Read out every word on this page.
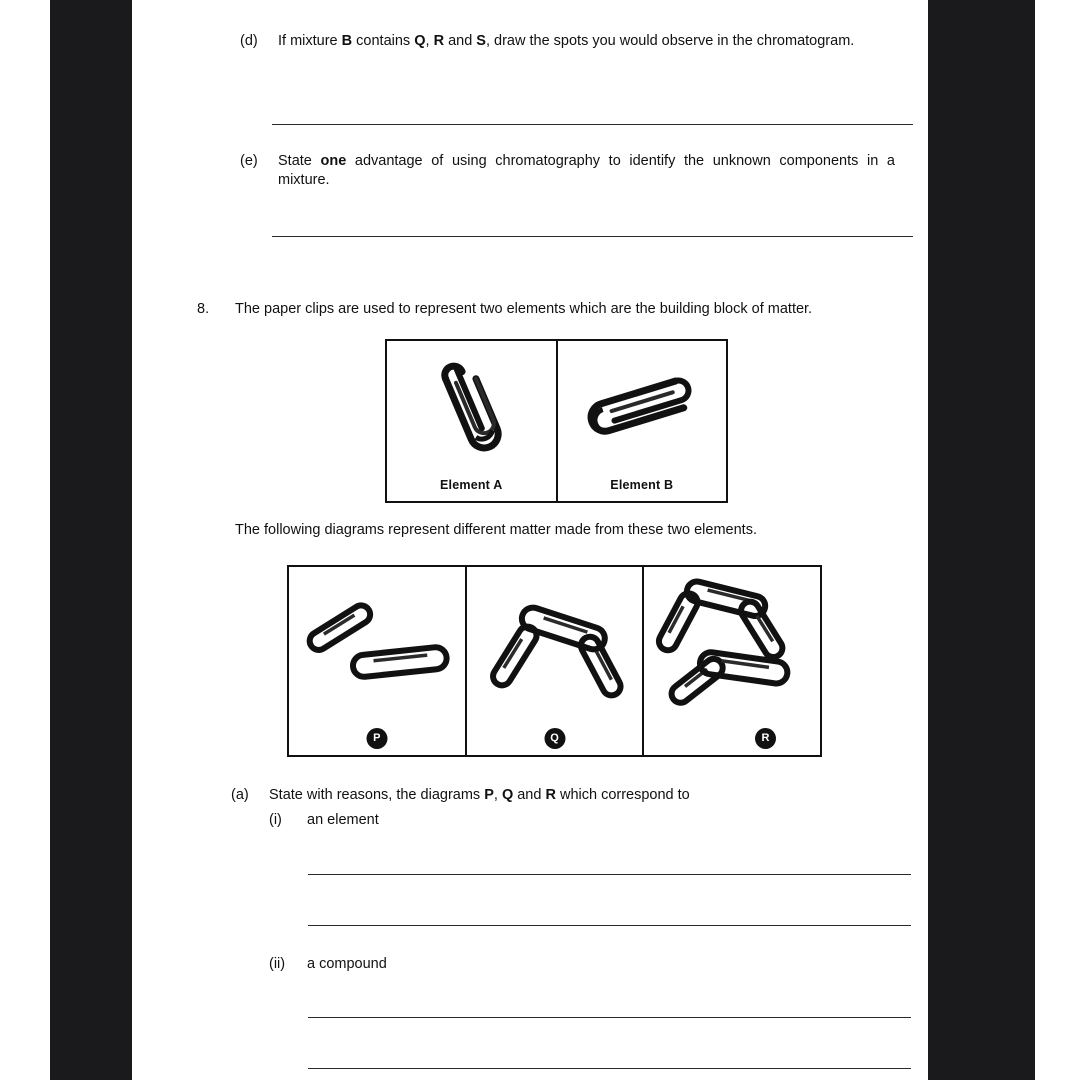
(d)	If mixture B contains Q, R and S, draw the spots you would observe in the chromatogram.
(e)	State one advantage of using chromatography to identify the unknown components in a mixture.
8.	The paper clips are used to represent two elements which are the building block of matter.
Element A	Element B
The following diagrams represent different matter made from these two elements.
P	Q	R
(a)	State with reasons, the diagrams P, Q and R which correspond to
(i)	an element
(ii)	a compound
